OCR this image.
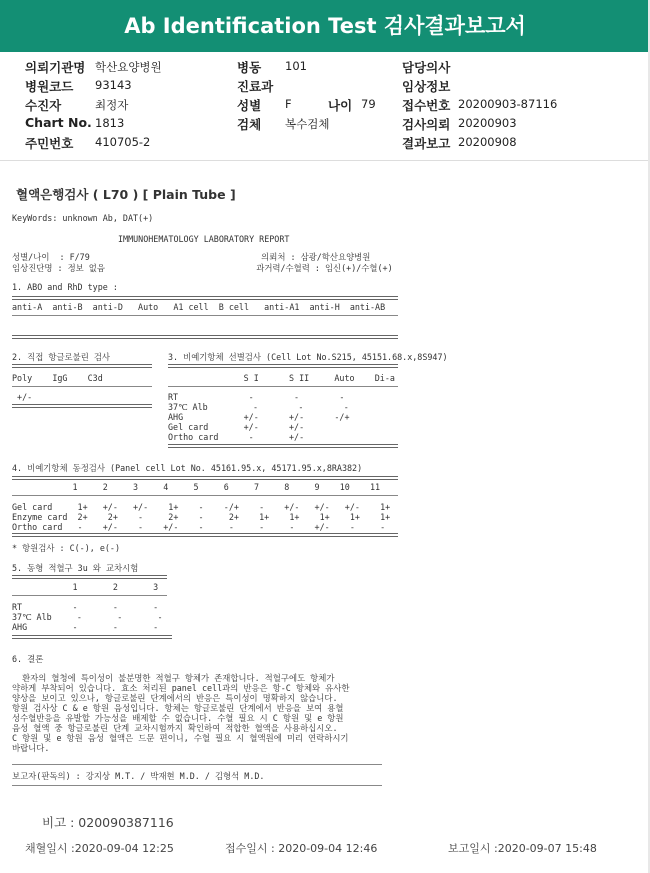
Ab Identification Test 검사결과보고서
의뢰기관명 학산요양병원
병원코드 93143
수진자	최정자
Chart No. 1813
주민번호 410705-2
병동 101
진료과
성별 F	나이 79
검체 복수검체
담당의사
임상정보
접수번호 20200903-87116
검사의뢰 20200903
결과보고 20200908
혈액은행검사 ( L70 ) [ Plain Tube ]
KeyWords: unknown Ab, DAT(+)
IMMUNOHEMATOLOGY LABORATORY REPORT
성별/나이  : F/79                                  의뢰처 : 삼광/학산요양병원
임상진단명 : 정보 없음                              과거력/수혈력 : 임신(+)/수혈(+)
1. ABO and RhD type :
anti-A  anti-B  anti-D   Auto   A1 cell  B cell   anti-A1  anti-H  anti-AB
2. 직접 항글로불린 검사	3. 비예기항체 선별검사 (Cell Lot No.S215, 45151.68.x,8S947)
Poly    IgG    C3d	S I      S II     Auto    Di-a
+/-	RT              -        -        -
37℃ Alb         -        -        -
AHG            +/-      +/-      -/+
Gel card       +/-      +/-
Ortho card      -       +/-
4. 비예기항체 동정검사 (Panel cell Lot No. 45161.95.x, 45171.95.x,8RA382)
1     2     3     4     5     6     7     8     9    10    11
Gel card     1+   +/-   +/-    1+    -    -/+    -    +/-   +/-   +/-    1+
Enzyme card  2+    2+    -     2+    -     2+    1+    1+    1+    1+    1+
Ortho card   -    +/-    -    +/-    -     -     -     -    +/-    -     -
* 항원검사 : C(-), e(-)
5. 동형 적혈구 3u 와 교차시험
1       2       3
RT          -       -       -
37℃ Alb     -       -       -
AHG         -       -       -
6. 결론
환자의 혈청에 특이성이 불분명한 적혈구 항체가 존재합니다. 적혈구에도 항체가
약하게 부착되어 있습니다. 효소 처리된 panel cell과의 반응은 항-C 항체와 유사한
양상을 보이고 있으나, 항글로불린 단계에서의 반응은 특이성이 명확하지 않습니다.
항원 검사상 C & e 항원 음성입니다. 항체는 항글로불린 단계에서 반응을 보여 용혈
성수혈반응을 유발할 가능성을 배제할 수 없습니다. 수혈 필요 시 C 항원 및 e 항원
음성 혈액 중 항글로불린 단계 교차시험까지 확인하여 적합한 혈액을 사용하십시오.
C 항원 및 e 항원 음성 혈액은 드문 편이니, 수혈 필요 시 혈액원에 미리 연락하시기
바랍니다.
보고자(판독의) : 강지상 M.T. / 박재현 M.D. / 김형석 M.D.
비고 : 020090387116
채혈일시 :2020-09-04 12:25	접수일시 : 2020-09-04 12:46	보고일시 :2020-09-07 15:48
